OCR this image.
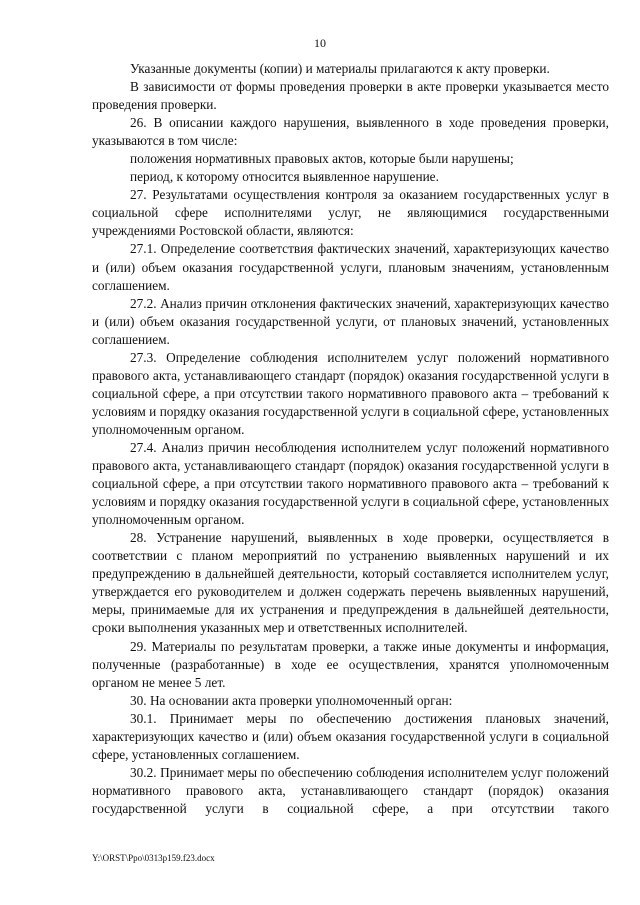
10

Указанные документы (копии) и материалы прилагаются к акту проверки.

В зависимости от формы проведения проверки в акте проверки указывается место проведения проверки.

26. В описании каждого нарушения, выявленного в ходе проведения проверки, указываются в том числе:

положения нормативных правовых актов, которые были нарушены;

период, к которому относится выявленное нарушение.

27. Результатами осуществления контроля за оказанием государственных услуг в социальной сфере исполнителями услуг, не являющимися государственными учреждениями Ростовской области, являются:

27.1. Определение соответствия фактических значений, характеризующих качество и (или) объем оказания государственной услуги, плановым значениям, установленным соглашением.

27.2. Анализ причин отклонения фактических значений, характеризующих качество и (или) объем оказания государственной услуги, от плановых значений, установленных соглашением.

27.3. Определение соблюдения исполнителем услуг положений нормативного правового акта, устанавливающего стандарт (порядок) оказания государственной услуги в социальной сфере, а при отсутствии такого нормативного правового акта – требований к условиям и порядку оказания государственной услуги в социальной сфере, установленных уполномоченным органом.

27.4. Анализ причин несоблюдения исполнителем услуг положений нормативного правового акта, устанавливающего стандарт (порядок) оказания государственной услуги в социальной сфере, а при отсутствии такого нормативного правового акта – требований к условиям и порядку оказания государственной услуги в социальной сфере, установленных уполномоченным органом.

28. Устранение нарушений, выявленных в ходе проверки, осуществляется в соответствии с планом мероприятий по устранению выявленных нарушений и их предупреждению в дальнейшей деятельности, который составляется исполнителем услуг, утверждается его руководителем и должен содержать перечень выявленных нарушений, меры, принимаемые для их устранения и предупреждения в дальнейшей деятельности, сроки выполнения указанных мер и ответственных исполнителей.

29. Материалы по результатам проверки, а также иные документы и информация, полученные (разработанные) в ходе ее осуществления, хранятся уполномоченным органом не менее 5 лет.

30. На основании акта проверки уполномоченный орган:

30.1. Принимает меры по обеспечению достижения плановых значений, характеризующих качество и (или) объем оказания государственной услуги в социальной сфере, установленных соглашением.

30.2. Принимает меры по обеспечению соблюдения исполнителем услуг положений нормативного правового акта, устанавливающего стандарт (порядок) оказания государственной услуги в социальной сфере, а при отсутствии такого

Y:\ORST\Ppo\0313p159.f23.docx
